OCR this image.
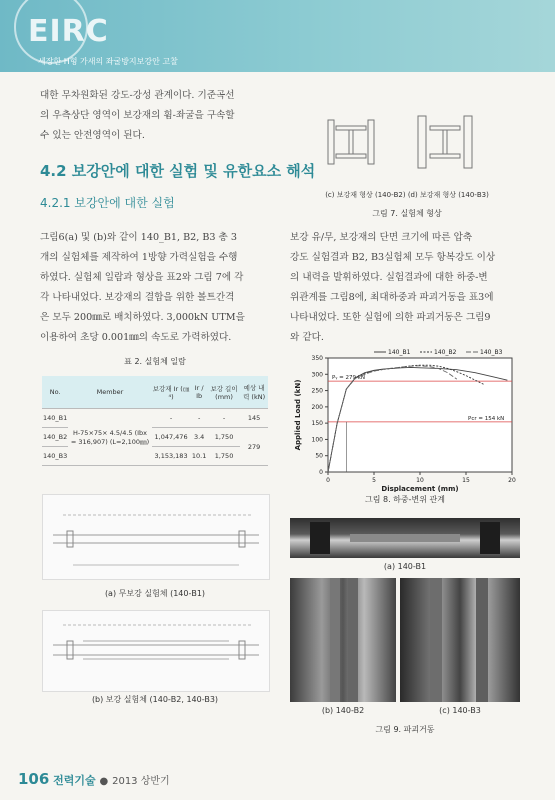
EIRC
세장한 H형 가새의 좌굴방지보강안 고찰
대한 무차원화된 강도-강성 관계이다. 기준곡선
의 우측상단 영역이 보강재의 휨-좌굴을 구속할
수 있는 안전영역이 된다.
4.2 보강안에 대한 실험 및 유한요소 해석
4.2.1 보강안에 대한 실험
그림6(a) 및 (b)와 같이 140_B1, B2, B3 총 3
개의 실험체를 제작하여 1방향 가력실험을 수행
하였다. 실험체 일람과 형상을 표2와 그림 7에 각
각 나타내었다. 보강재의 결합을 위한 볼트간격
은 모두 200㎜로 배치하였다. 3,000kN UTM을
이용하여 초당 0.001㎜의 속도로 가력하였다.
표 2. 실험체 일람
No.	Member	보강재 Ir (㎝⁴)	Ir / Ib	보강 길이 (mm)	예상 내력 (kN)
140_B1	H-75×75× 4.5/4.5 (Ibx = 316,907) (L=2,100㎜)	-	-	-	145
140_B2		1,047,476	3.4	1,750	279
140_B3		3,153,183	10.1	1,750	
(a) 무보강 실험체 (140-B1)
(b) 보강 실험체 (140-B2, 140-B3)
(c) 보강재 형상 (140-B2) (d) 보강재 형상 (140-B3)
그림 7. 실험체 형상
보강 유/무, 보강재의 단면 크기에 따른 압축
강도 실험결과 B2, B3실험체 모두 항복강도 이상
의 내력을 발휘하였다. 실험결과에 대한 하중-변
위관계를 그림8에, 최대하중과 파괴거동을 표3에
나타내었다. 또한 실험에 의한 파괴거동은 그림9
와 같다.
0	5	10	15	20
0
50
100
150
200
250
300
350
Displacement (mm)
Applied Load (kN)
Pᵧ = 279 kN
Pcr = 154 kN
140_B1	140_B2	140_B3
그림 8. 하중-변위 관계
(a) 140-B1
(b) 140-B2	(c) 140-B3
그림 9. 파괴거동
106 전력기술 ● 2013 상반기
